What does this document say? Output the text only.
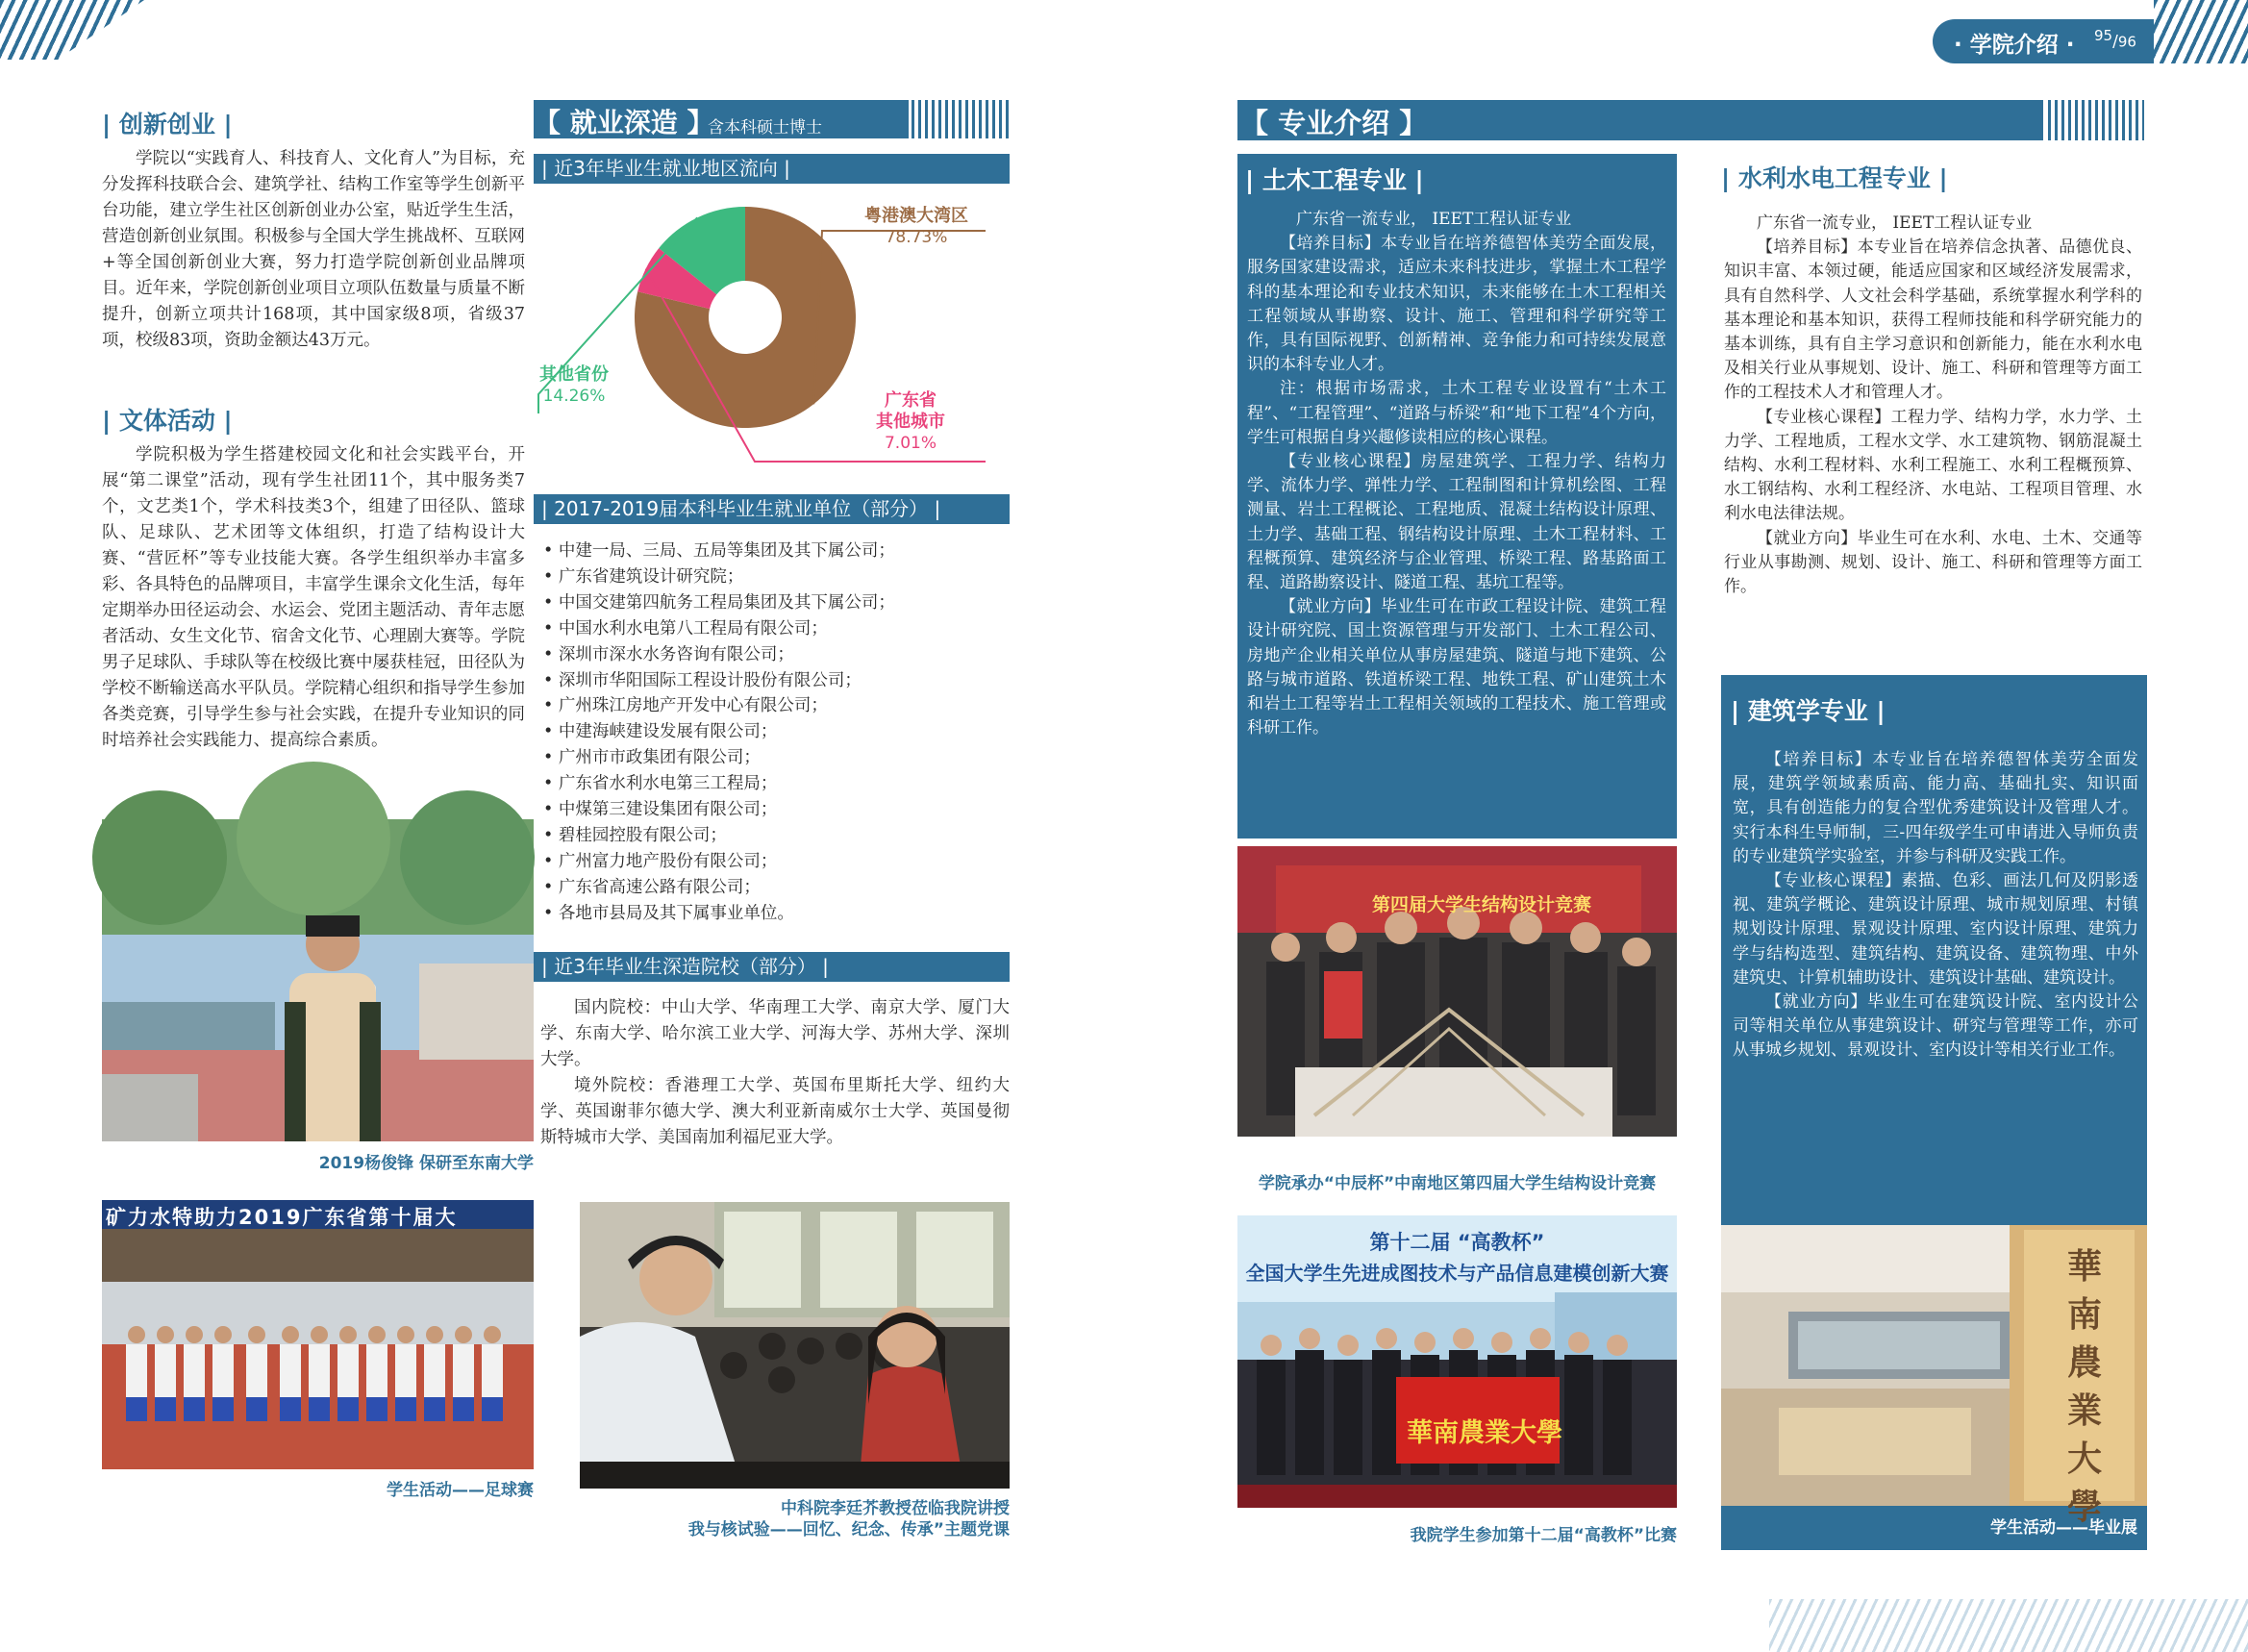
· 学院介绍 · 95/96
| 创新创业 |

学院以“实践育人、科技育人、文化育人”为目标，充分发挥科技联合会、建筑学社、结构工作室等学生创新平台功能，建立学生社区创新创业办公室，贴近学生生活，营造创新创业氛围。积极参与全国大学生挑战杯、互联网+等全国创新创业大赛，努力打造学院创新创业品牌项目。近年来，学院创新创业项目立项队伍数量与质量不断提升，创新立项共计168项，其中国家级8项，省级37项，校级83项，资助金额达43万元。

| 文体活动 |

学院积极为学生搭建校园文化和社会实践平台，开展“第二课堂”活动，现有学生社团11个，其中服务类7个，文艺类1个，学术科技类3个，组建了田径队、篮球队、足球队、艺术团等文体组织，打造了结构设计大赛、“营匠杯”等专业技能大赛。各学生组织举办丰富多彩、各具特色的品牌项目，丰富学生课余文化生活，每年定期举办田径运动会、水运会、党团主题活动、青年志愿者活动、女生文化节、宿舍文化节、心理剧大赛等。学院男子足球队、手球队等在校级比赛中屡获桂冠，田径队为学校不断输送高水平队员。学院精心组织和指导学生参加各类竞赛，引导学生参与社会实践，在提升专业知识的同时培养社会实践能力、提高综合素质。

2019杨俊锋 保研至东南大学
矿力水特助力2019广东省第十届大
学生活动——足球赛
【 就业深造 】
含本科硕士博士
| 近3年毕业生就业地区流向 |
粤港澳大湾区
78.73%
广东省
其他城市
7.01%
其他省份
14.26%
| 2017-2019届本科毕业生就业单位（部分） |
• 中建一局、三局、五局等集团及其下属公司；
• 广东省建筑设计研究院；
• 中国交建第四航务工程局集团及其下属公司；
• 中国水利水电第八工程局有限公司；
• 深圳市深水水务咨询有限公司；
• 深圳市华阳国际工程设计股份有限公司；
• 广州珠江房地产开发中心有限公司；
• 中建海峡建设发展有限公司；
• 广州市市政集团有限公司；
• 广东省水利水电第三工程局；
• 中煤第三建设集团有限公司；
• 碧桂园控股有限公司；
• 广州富力地产股份有限公司；
• 广东省高速公路有限公司；
• 各地市县局及其下属事业单位。
| 近3年毕业生深造院校（部分） |

国内院校：中山大学、华南理工大学、南京大学、厦门大学、东南大学、哈尔滨工业大学、河海大学、苏州大学、深圳大学。

境外院校：香港理工大学、英国布里斯托大学、纽约大学、英国谢菲尔德大学、澳大利亚新南威尔士大学、英国曼彻斯特城市大学、美国南加利福尼亚大学。

中科院李廷芥教授莅临我院讲授
我与核试验——回忆、纪念、传承”主题党课
【 专业介绍 】
| 土木工程专业 |

广东省一流专业， IEET工程认证专业

【培养目标】本专业旨在培养德智体美劳全面发展，服务国家建设需求，适应未来科技进步，掌握土木工程学科的基本理论和专业技术知识，未来能够在土木工程相关工程领域从事勘察、设计、施工、管理和科学研究等工作，具有国际视野、创新精神、竞争能力和可持续发展意识的本科专业人才。

注：根据市场需求，土木工程专业设置有“土木工程”、“工程管理”、“道路与桥梁”和“地下工程”4个方向，学生可根据自身兴趣修读相应的核心课程。

【专业核心课程】房屋建筑学、工程力学、结构力学、流体力学、弹性力学、工程制图和计算机绘图、工程测量、岩土工程概论、工程地质、混凝土结构设计原理、土力学、基础工程、钢结构设计原理、土木工程材料、工程概预算、建筑经济与企业管理、桥梁工程、路基路面工程、道路勘察设计、隧道工程、基坑工程等。

【就业方向】毕业生可在市政工程设计院、建筑工程设计研究院、国土资源管理与开发部门、土木工程公司、房地产企业相关单位从事房屋建筑、隧道与地下建筑、公路与城市道路、铁道桥梁工程、地铁工程、矿山建筑土木和岩土工程等岩土工程相关领域的工程技术、施工管理或科研工作。

| 水利水电工程专业 |

广东省一流专业， IEET工程认证专业

【培养目标】本专业旨在培养信念执著、品德优良、知识丰富、本领过硬，能适应国家和区域经济发展需求，具有自然科学、人文社会科学基础，系统掌握水利学科的基本理论和基本知识，获得工程师技能和科学研究能力的基本训练，具有自主学习意识和创新能力，能在水利水电及相关行业从事规划、设计、施工、科研和管理等方面工作的工程技术人才和管理人才。

【专业核心课程】工程力学、结构力学，水力学、土力学、工程地质，工程水文学、水工建筑物、钢筋混凝土结构、水利工程材料、水利工程施工、水利工程概预算、水工钢结构、水利工程经济、水电站、工程项目管理、水利水电法律法规。

【就业方向】毕业生可在水利、水电、土木、交通等行业从事勘测、规划、设计、施工、科研和管理等方面工作。

| 建筑学专业 |

【培养目标】本专业旨在培养德智体美劳全面发展，建筑学领域素质高、能力高、基础扎实、知识面宽，具有创造能力的复合型优秀建筑设计及管理人才。实行本科生导师制，三-四年级学生可申请进入导师负责的专业建筑学实验室，并参与科研及实践工作。

【专业核心课程】素描、色彩、画法几何及阴影透视、建筑学概论、建筑设计原理、城市规划原理、村镇规划设计原理、景观设计原理、室内设计原理、建筑力学与结构选型、建筑结构、建筑设备、建筑物理、中外建筑史、计算机辅助设计、建筑设计基础、建筑设计。

【就业方向】毕业生可在建筑设计院、室内设计公司等相关单位从事建筑设计、研究与管理等工作，亦可从事城乡规划、景观设计、室内设计等相关行业工作。

華南農業大學
学生活动——毕业展
第四届大学生结构设计竞赛
学院承办“中辰杯”中南地区第四届大学生结构设计竞赛
第十二届 “高教杯”
全国大学生先进成图技术与产品信息建模创新大赛
華南農業大學
我院学生参加第十二届“高教杯”比赛
